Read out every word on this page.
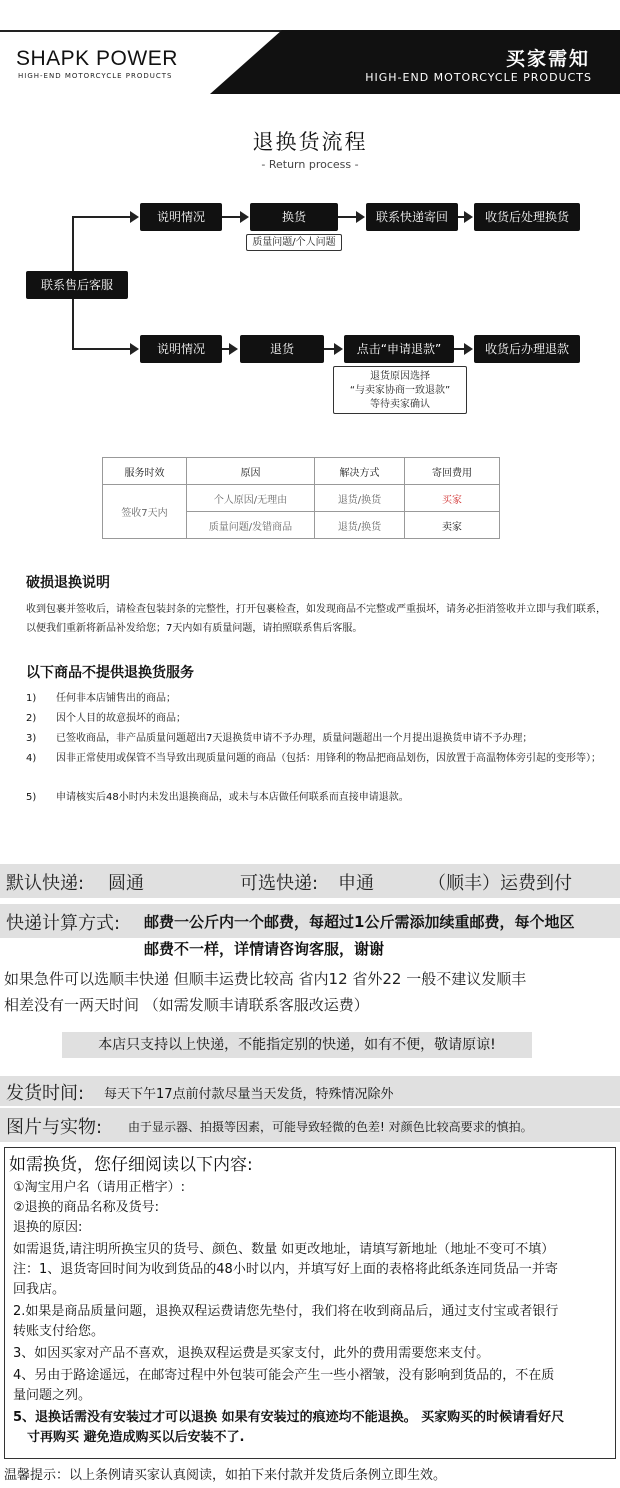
SHAPK POWER
HIGH-END MOTORCYCLE PRODUCTS
买家需知
HIGH-END MOTORCYCLE PRODUCTS
退换货流程
- Return process -
联系售后客服
说明情况	换货	联系快递寄回	收货后处理换货
质量问题/个人问题
说明情况	退货	点击“申请退款”	收货后办理退款
退货原因选择
“与卖家协商一致退款”
等待卖家确认
服务时效	原因	解决方式	寄回费用
签收7天内	个人原因/无理由	退货/换货	买家
	质量问题/发错商品	退货/换货	卖家
破损退换说明
收到包裹并签收后，请检查包装封条的完整性，打开包裹检查，如发现商品不完整或严重损坏，请务必拒消签收并立即与我们联系，以便我们重新将新品补发给您；7天内如有质量问题，请拍照联系售后客服。
以下商品不提供退换货服务
1) 任何非本店铺售出的商品；
2) 因个人目的故意损坏的商品；
3) 已签收商品，非产品质量问题超出7天退换货申请不予办理，质量问题超出一个月提出退换货申请不予办理；
4) 因非正常使用或保管不当导致出现质量问题的商品（包括：用锋利的物品把商品划伤，因放置于高温物体旁引起的变形等）；
5) 申请核实后48小时内未发出退换商品，或未与本店做任何联系而直接申请退款。
默认快递: 圆通	可选快递: 申通	（顺丰）运费到付
快递计算方式: 邮费一公斤内一个邮费，每超过1公斤需添加续重邮费，每个地区
邮费不一样，详情请咨询客服，谢谢
如果急件可以选顺丰快递 但顺丰运费比较高 省内12 省外22 一般不建议发顺丰
相差没有一两天时间 （如需发顺丰请联系客服改运费）
本店只支持以上快递，不能指定别的快递，如有不便，敬请原谅!
发货时间: 每天下午17点前付款尽量当天发货，特殊情况除外
图片与实物: 由于显示器、拍摄等因素，可能导致轻微的色差! 对颜色比较高要求的慎拍。
如需换货，您仔细阅读以下内容:
①淘宝用户名（请用正楷字）:
②退换的商品名称及货号:
退换的原因:
如需退货,请注明所换宝贝的货号、颜色、数量 如更改地址，请填写新地址（地址不变可不填）
注：1、退货寄回时间为收到货品的48小时以内，并填写好上面的表格将此纸条连同货品一并寄
回我店。
2.如果是商品质量问题，退换双程运费请您先垫付，我们将在收到商品后，通过支付宝或者银行
转账支付给您。
3、如因买家对产品不喜欢，退换双程运费是买家支付，此外的费用需要您来支付。
4、另由于路途遥远，在邮寄过程中外包装可能会产生一些小褶皱，没有影响到货品的，不在质
量问题之列。
5、退换话需没有安装过才可以退换 如果有安装过的痕迹均不能退换。 买家购买的时候请看好尺
寸再购买 避免造成购买以后安装不了.
温馨提示：以上条例请买家认真阅读，如拍下来付款并发货后条例立即生效。
